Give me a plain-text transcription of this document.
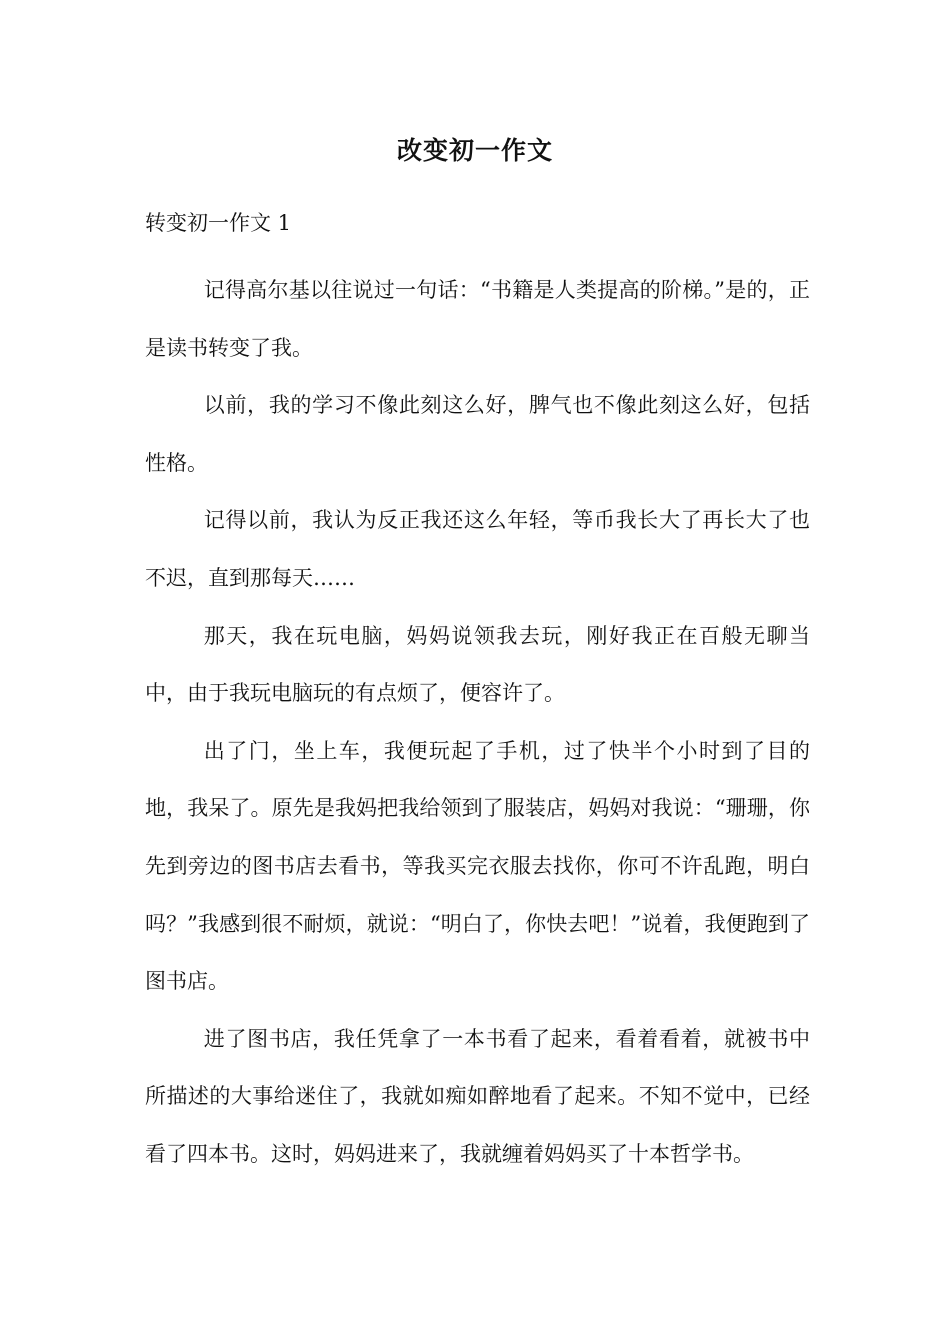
改变初一作文
转变初一作文 1

记得高尔基以往说过一句话：“书籍是人类提高的阶梯。”是的，正是读书转变了我。

以前，我的学习不像此刻这么好，脾气也不像此刻这么好，包括性格。

记得以前，我认为反正我还这么年轻，等币我长大了再长大了也不迟，直到那每天……

那天，我在玩电脑，妈妈说领我去玩，刚好我正在百般无聊当中，由于我玩电脑玩的有点烦了，便容许了。

出了门，坐上车，我便玩起了手机，过了快半个小时到了目的地，我呆了。原先是我妈把我给领到了服装店，妈妈对我说：“珊珊，你先到旁边的图书店去看书，等我买完衣服去找你，你可不许乱跑，明白吗？”我感到很不耐烦，就说：“明白了，你快去吧！”说着，我便跑到了图书店。

进了图书店，我任凭拿了一本书看了起来，看着看着，就被书中所描述的大事给迷住了，我就如痴如醉地看了起来。不知不觉中，已经看了四本书。这时，妈妈进来了，我就缠着妈妈买了十本哲学书。
